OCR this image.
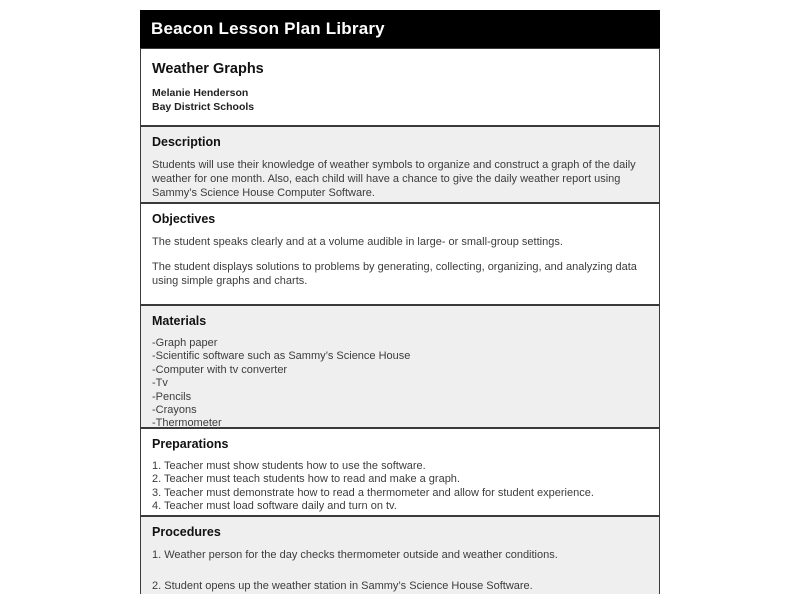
Beacon Lesson Plan Library
Weather Graphs
Melanie Henderson
Bay District Schools
Description
Students will use their knowledge of weather symbols to organize and construct a graph of the daily weather for one month. Also, each child will have a chance to give the daily weather report using Sammy’s Science House Computer Software.
Objectives
The student speaks clearly and at a volume audible in large- or small-group settings.
The student displays solutions to problems by generating, collecting, organizing, and analyzing data using simple graphs and charts.
Materials
-Graph paper
-Scientific software such as Sammy’s Science House
-Computer with tv converter
-Tv
-Pencils
-Crayons
-Thermometer
Preparations
1. Teacher must show students how to use the software.
2. Teacher must teach students how to read and make a graph.
3. Teacher must demonstrate how to read a thermometer and allow for student experience.
4. Teacher must load software daily and turn on tv.
Procedures
1. Weather person for the day checks thermometer outside and weather conditions.
2. Student opens up the weather station in Sammy’s Science House Software.
